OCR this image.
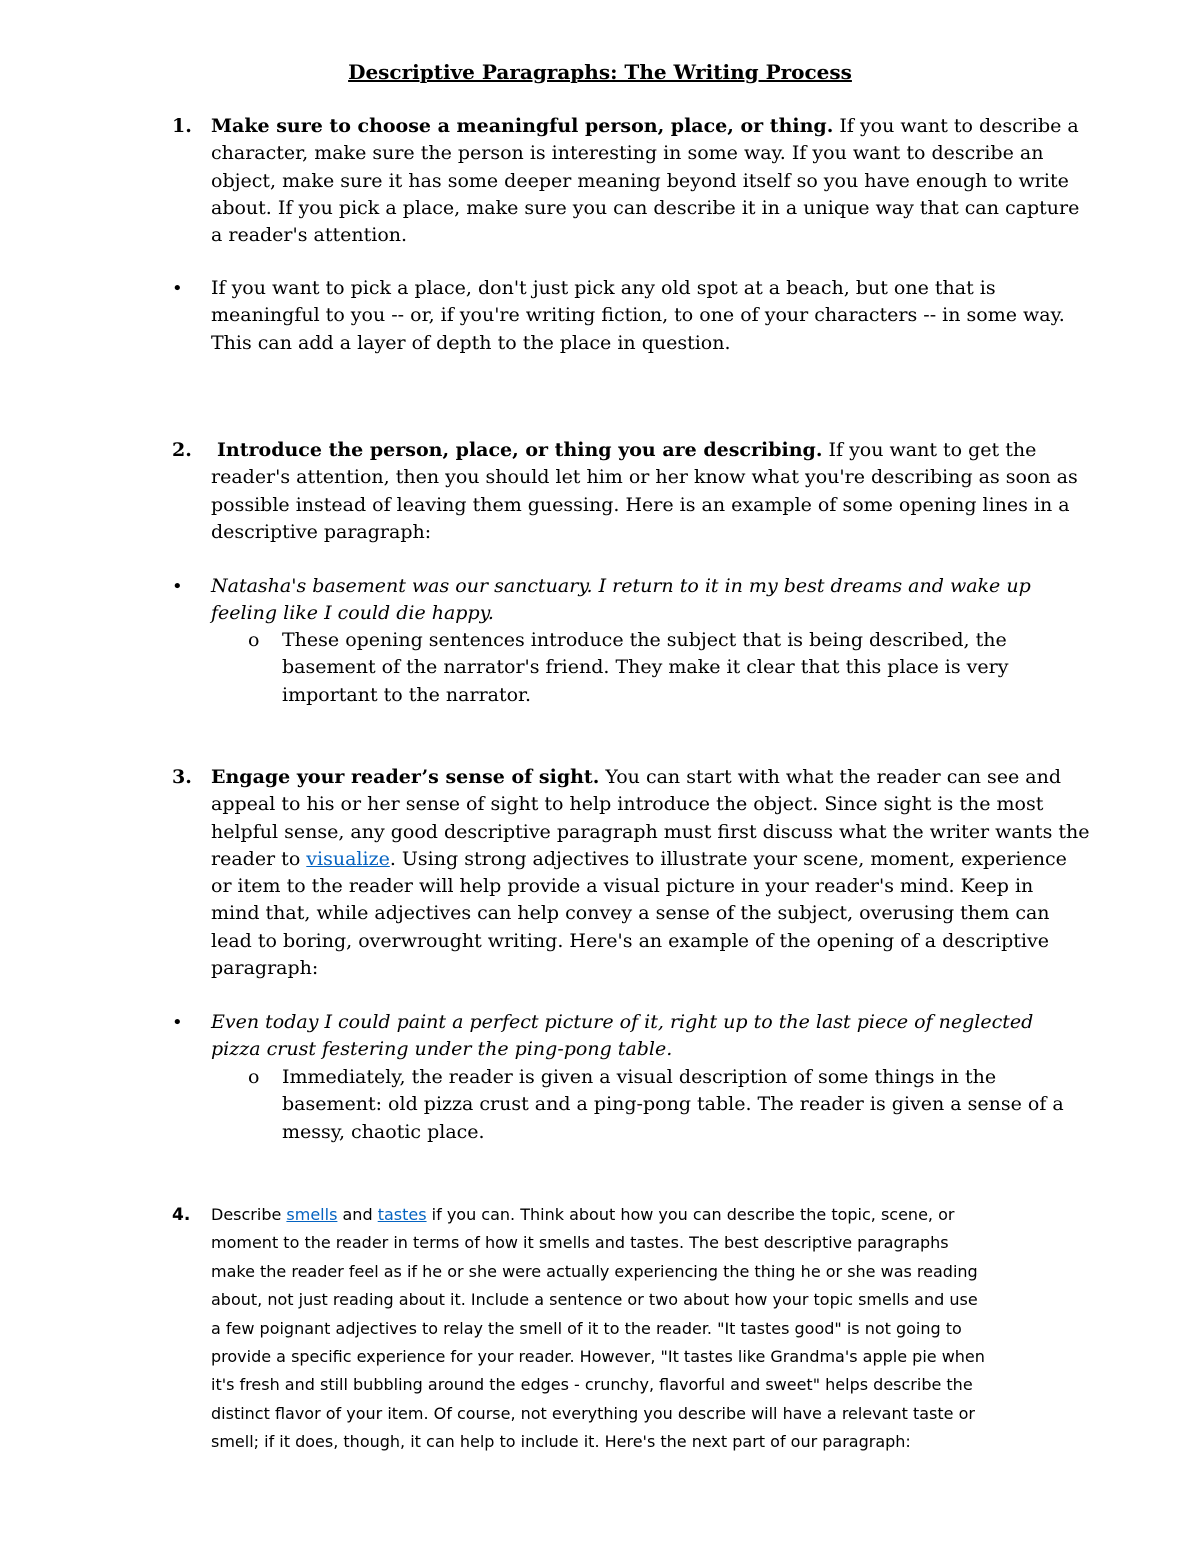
Descriptive Paragraphs: The Writing Process
1. Make sure to choose a meaningful person, place, or thing. If you want to describe a
character, make sure the person is interesting in some way. If you want to describe an
object, make sure it has some deeper meaning beyond itself so you have enough to write
about. If you pick a place, make sure you can describe it in a unique way that can capture
a reader's attention.
• If you want to pick a place, don't just pick any old spot at a beach, but one that is
meaningful to you -- or, if you're writing fiction, to one of your characters -- in some way.
This can add a layer of depth to the place in question.
2.	Introduce the person, place, or thing you are describing. If you want to get the
reader's attention, then you should let him or her know what you're describing as soon as
possible instead of leaving them guessing. Here is an example of some opening lines in a
descriptive paragraph:
• Natasha's basement was our sanctuary. I return to it in my best dreams and wake up
feeling like I could die happy.
o These opening sentences introduce the subject that is being described, the
basement of the narrator's friend. They make it clear that this place is very
important to the narrator.
3. Engage your reader’s sense of sight. You can start with what the reader can see and
appeal to his or her sense of sight to help introduce the object. Since sight is the most
helpful sense, any good descriptive paragraph must first discuss what the writer wants the
reader to visualize. Using strong adjectives to illustrate your scene, moment, experience
or item to the reader will help provide a visual picture in your reader's mind. Keep in
mind that, while adjectives can help convey a sense of the subject, overusing them can
lead to boring, overwrought writing. Here's an example of the opening of a descriptive
paragraph:
• Even today I could paint a perfect picture of it, right up to the last piece of neglected
pizza crust festering under the ping-pong table.
o Immediately, the reader is given a visual description of some things in the
basement: old pizza crust and a ping-pong table. The reader is given a sense of a
messy, chaotic place.
4. Describe smells and tastes if you can. Think about how you can describe the topic, scene, or
moment to the reader in terms of how it smells and tastes. The best descriptive paragraphs
make the reader feel as if he or she were actually experiencing the thing he or she was reading
about, not just reading about it. Include a sentence or two about how your topic smells and use
a few poignant adjectives to relay the smell of it to the reader. "It tastes good" is not going to
provide a specific experience for your reader. However, "It tastes like Grandma's apple pie when
it's fresh and still bubbling around the edges - crunchy, flavorful and sweet" helps describe the
distinct flavor of your item. Of course, not everything you describe will have a relevant taste or
smell; if it does, though, it can help to include it. Here's the next part of our paragraph:
